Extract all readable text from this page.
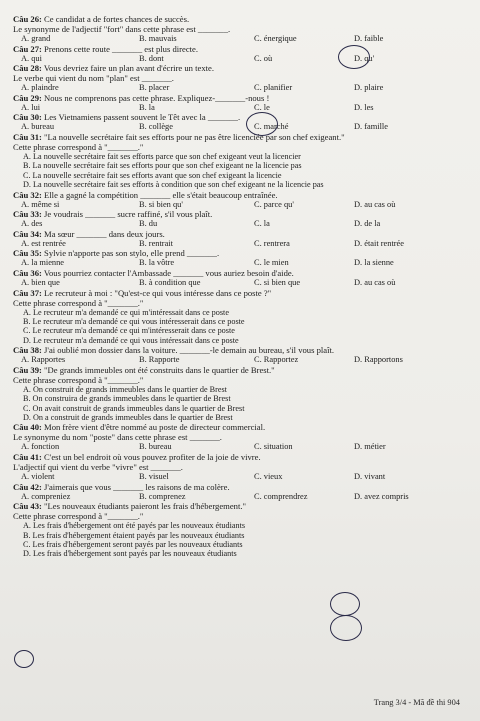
Câu 26: Ce candidat a de fortes chances de succès.
Le synonyme de l'adjectif "fort" dans cette phrase est _______.
A. grand	B. mauvais	C. énergique	D. faible
Câu 27: Prenons cette route _______ est plus directe.
A. qui	B. dont	C. où	D. qu'
Câu 28: Vous devriez faire un plan avant d'écrire un texte.
Le verbe qui vient du nom "plan" est _______.
A. plaindre	B. placer	C. planifier	D. plaire
Câu 29: Nous ne comprenons pas cette phrase. Expliquez-_______-nous !
A. lui	B. la	C. le	D. les
Câu 30: Les Vietnamiens passent souvent le Têt avec la _______.
A. bureau	B. collège	C. marché	D. famille
Câu 31: "La nouvelle secrétaire fait ses efforts pour ne pas être licenciée par son chef exigeant."
Cette phrase correspond à "_______."
A. La nouvelle secrétaire fait ses efforts parce que son chef exigeant veut la licencier
B. La nouvelle secrétaire fait ses efforts pour que son chef exigeant ne la licencie pas
C. La nouvelle secrétaire fait ses efforts avant que son chef exigeant la licencie
D. La nouvelle secrétaire fait ses efforts à condition que son chef exigeant ne la licencie pas
Câu 32: Elle a gagné la compétition _______ elle s'était beaucoup entraînée.
A. même si	B. si bien qu'	C. parce qu'	D. au cas où
Câu 33: Je voudrais _______ sucre raffiné, s'il vous plaît.
A. des	B. du	C. la	D. de la
Câu 34: Ma sœur _______ dans deux jours.
A. est rentrée	B. rentrait	C. rentrera	D. était rentrée
Câu 35: Sylvie n'apporte pas son stylo, elle prend _______.
A. la mienne	B. la vôtre	C. le mien	D. la sienne
Câu 36: Vous pourriez contacter l'Ambassade _______ vous auriez besoin d'aide.
A. bien que	B. à condition que	C. si bien que	D. au cas où
Câu 37: Le recruteur à moi : "Qu'est-ce qui vous intéresse dans ce poste ?"
Cette phrase correspond à "_______."
A. Le recruteur m'a demandé ce qui m'intéressait dans ce poste
B. Le recruteur m'a demandé ce qui vous intéresserait dans ce poste
C. Le recruteur m'a demandé ce qui m'intéresserait dans ce poste
D. Le recruteur m'a demandé ce qui vous intéressait dans ce poste
Câu 38: J'ai oublié mon dossier dans la voiture. _______-le demain au bureau, s'il vous plaît.
A. Rapportes	B. Rapporte	C. Rapportez	D. Rapportons
Câu 39: "De grands immeubles ont été construits dans le quartier de Brest."
Cette phrase correspond à "_______."
A. On construit de grands immeubles dans le quartier de Brest
B. On construira de grands immeubles dans le quartier de Brest
C. On avait construit de grands immeubles dans le quartier de Brest
D. On a construit de grands immeubles dans le quartier de Brest
Câu 40: Mon frère vient d'être nommé au poste de directeur commercial.
Le synonyme du nom "poste" dans cette phrase est _______.
A. fonction	B. bureau	C. situation	D. métier
Câu 41: C'est un bel endroit où vous pouvez profiter de la joie de vivre.
L'adjectif qui vient du verbe "vivre" est _______.
A. violent	B. visuel	C. vieux	D. vivant
Câu 42: J'aimerais que vous _______ les raisons de ma colère.
A. compreniez	B. comprenez	C. comprendrez	D. avez compris
Câu 43: "Les nouveaux étudiants paieront les frais d'hébergement."
Cette phrase correspond à "_______."
A. Les frais d'hébergement ont été payés par les nouveaux étudiants
B. Les frais d'hébergement étaient payés par les nouveaux étudiants
C. Les frais d'hébergement seront payés par les nouveaux étudiants
D. Les frais d'hébergement sont payés par les nouveaux étudiants
Trang 3/4 - Mã đề thi 904
